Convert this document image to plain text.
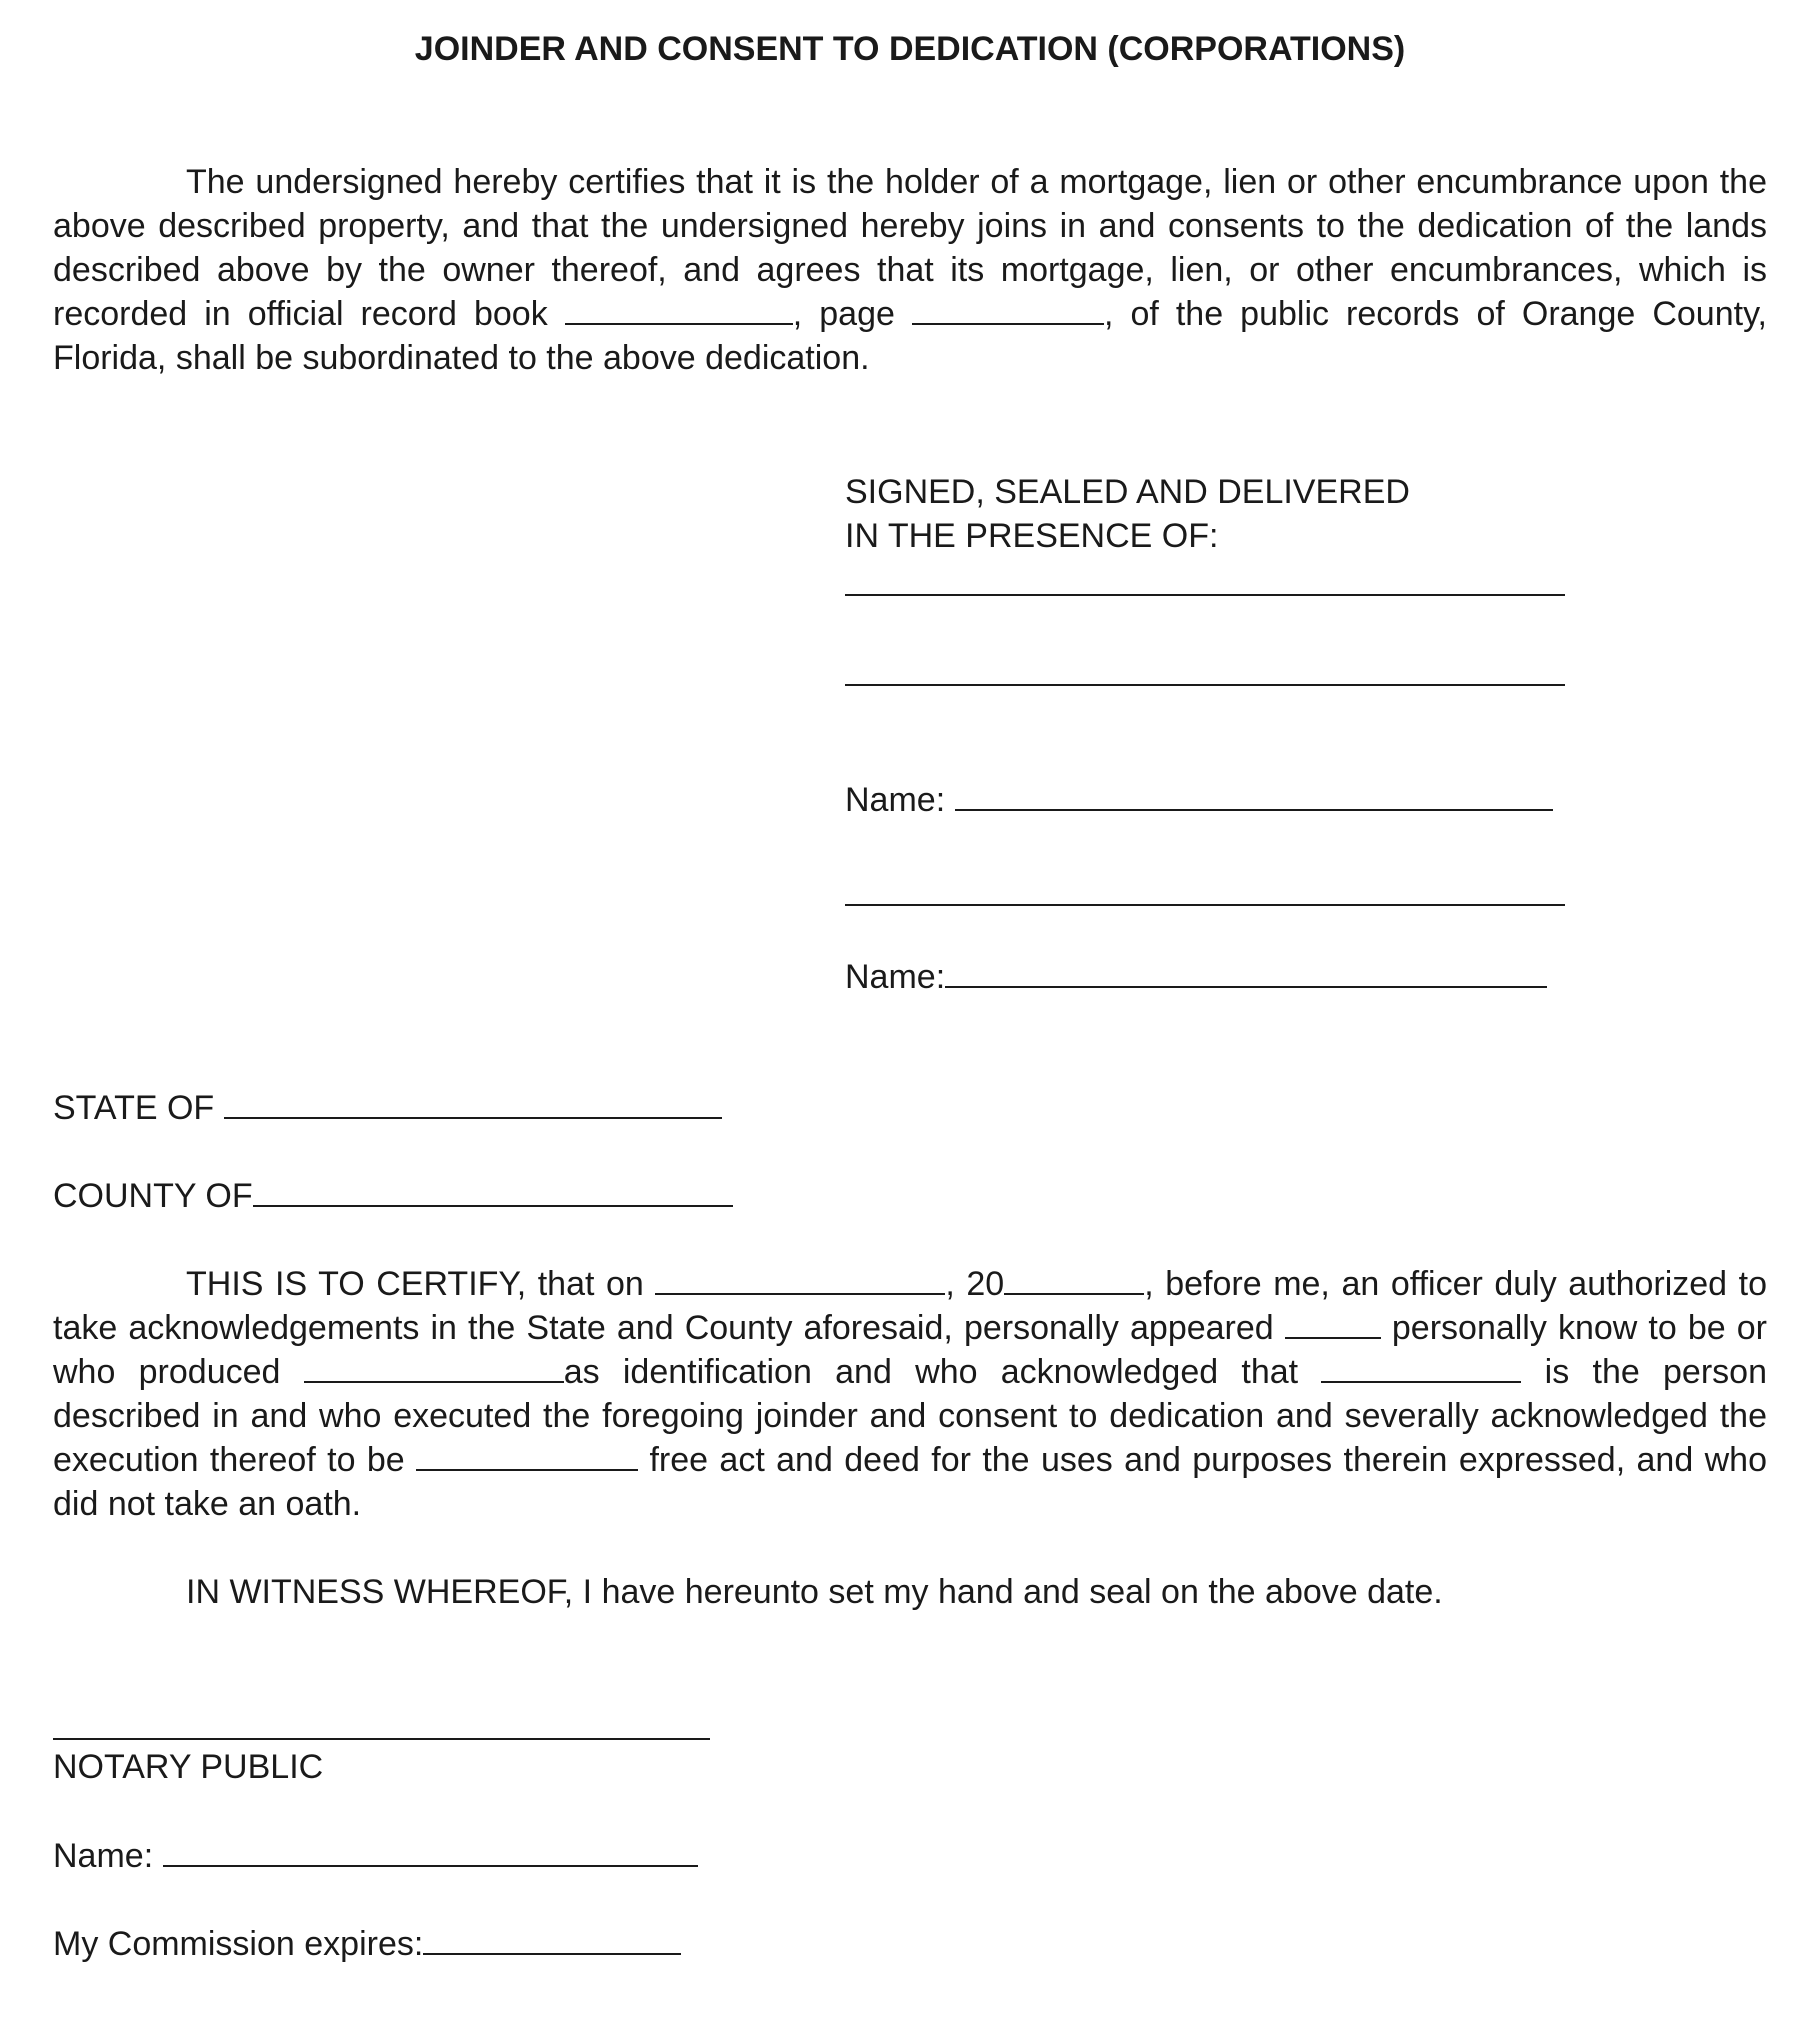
JOINDER AND CONSENT TO DEDICATION (CORPORATIONS)

The undersigned hereby certifies that it is the holder of a mortgage, lien or other encumbrance upon the above described property, and that the undersigned hereby joins in and consents to the dedication of the lands described above by the owner thereof, and agrees that its mortgage, lien, or other encumbrances, which is recorded in official record book	, page	, of the public records of Orange County, Florida, shall be subordinated to the above dedication.

SIGNED, SEALED AND DELIVERED
IN THE PRESENCE OF:
Name:
Name:
STATE OF
COUNTY OF

THIS IS TO CERTIFY, that on	, 20	, before me, an officer duly authorized to take acknowledgements in the State and County aforesaid, personally appeared	personally know to be or who produced	as identification and who acknowledged that	is the person described in and who executed the foregoing joinder and consent to dedication and severally acknowledged the execution thereof to be	free act and deed for the uses and purposes therein expressed, and who did not take an oath.

IN WITNESS WHEREOF, I have hereunto set my hand and seal on the above date.
NOTARY PUBLIC
Name:
My Commission expires:
